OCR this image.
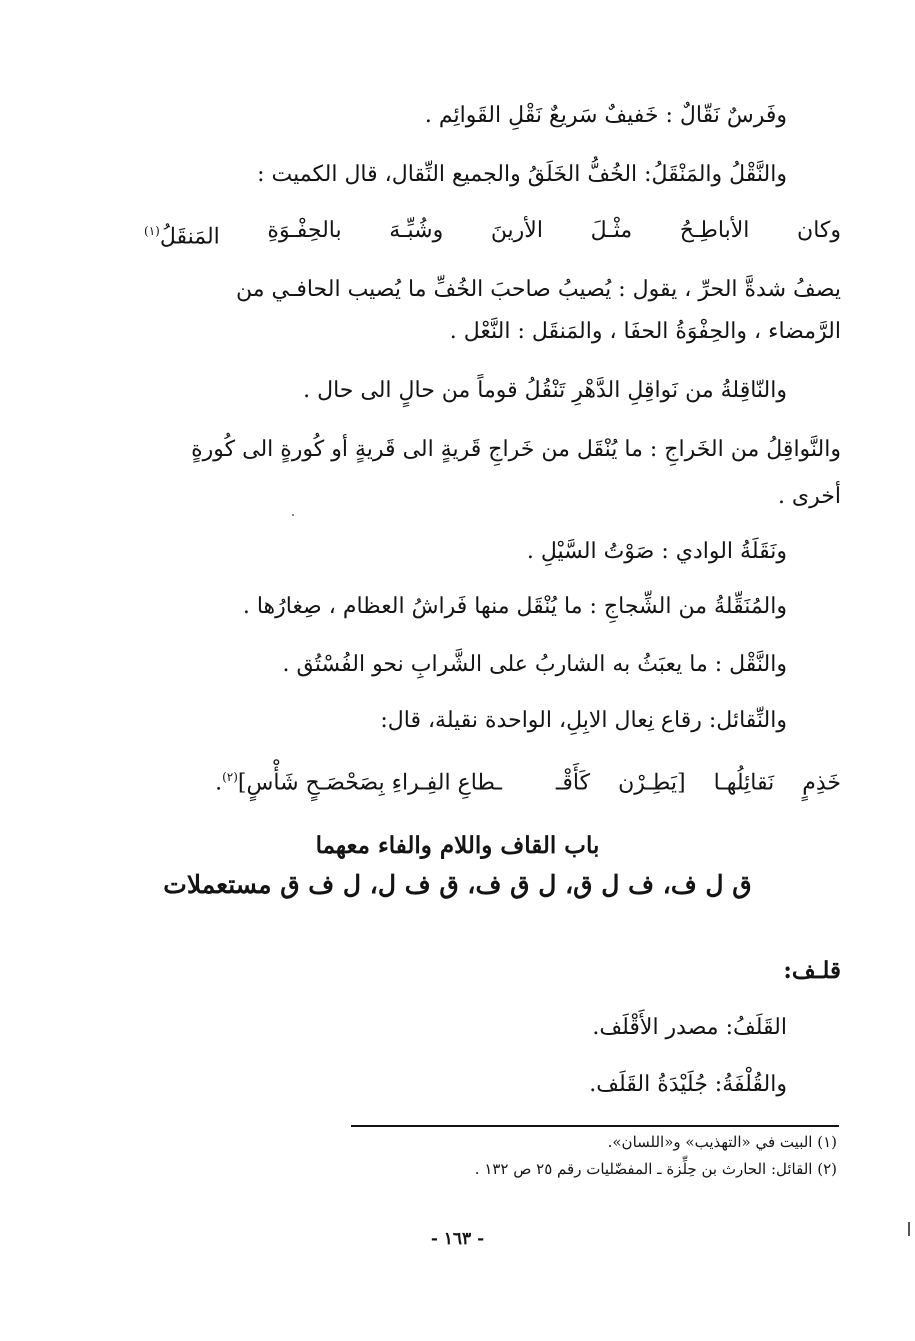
وفَرسٌ نَقّالٌ : خَفيفٌ سَريعٌ نَقْلِ القَوائِم .
والنَّقْلُ والمَنْقَلُ: الخُفُّ الخَلَقُ والجميع النِّقال، قال الكميت :
وكان
الأباطِـحُ
مثْـلَ
الأرينَ
وشُبِّـهَ
بالحِفْـوَةِ
المَنقَلُ$^{(١)}$
يصفُ شدةَّ الحرِّ ، يقول : يُصيبُ صاحبَ الخُفِّ ما يُصيب الحافـي من
الرَّمضاء ، والحِفْوَةُ الحفَا ، والمَنقَل : النَّعْل .
والنّاقِلةُ من نَواقِلِ الدَّهْرِ تَنْقُلُ قوماً من حالٍ الى حال .
والنَّواقِلُ من الخَراجِ : ما يُنْقَل من خَراجِ قَريةٍ الى قَريةٍ أو كُورةٍ الى كُورةٍ
أخرى .
ونَقَلَةُ الوادي : صَوْتُ السَّيْلِ .
والمُنَقِّلةُ من الشِّجاجِ : ما يُنْقَل منها فَراشُ العظام ، صِغارُها .
والنَّقْل : ما يعبَثُ به الشاربُ على الشَّرابِ نحو الفُسْتُق .
والنِّقائل: رقاع نِعال الابِلِ، الواحدة نقيلة، قال:
خَذِمٍ  نَقائِلُهـا  [يَطِـرْن  كَأَقْـ  ـطاعِ الفِـراءِ بِصَحْصَـحٍ شَأْسٍ]$^{(٢)}$.
باب القاف واللام والفاء معهما
ق ل ف، ف ل ق، ل ق ف، ق ف ل، ل ف ق مستعملات
قلـف:
القَلَفُ: مصدر الأَقْلَف.
والقُلْفَةُ: جُلَيْدَةُ القَلَف.
(١) البيت في «التهذيب» و«اللسان».
(٢) القائل: الحارث بن حِلِّزة ـ المفضّليات رقم ٢٥ ص ١٣٢ .
- ١٦٣ -
